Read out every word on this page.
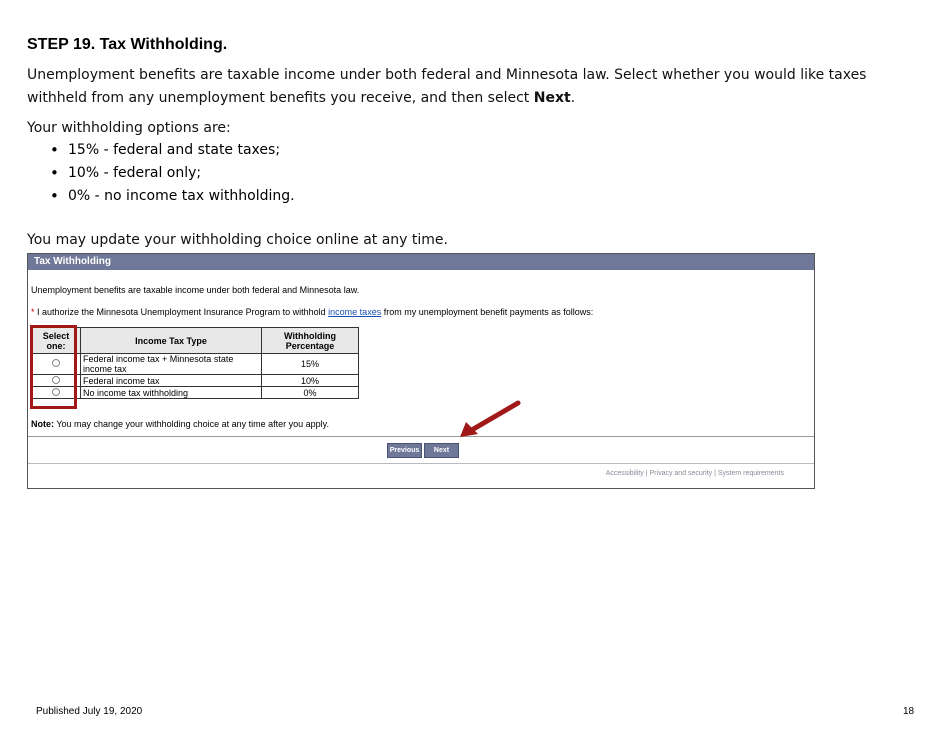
STEP 19. Tax Withholding.
Unemployment benefits are taxable income under both federal and Minnesota law. Select whether you would like taxes withheld from any unemployment benefits you receive, and then select Next.
Your withholding options are:
• 15% - federal and state taxes;
• 10% - federal only;
• 0% - no income tax withholding.
You may update your withholding choice online at any time.
Tax Withholding
Unemployment benefits are taxable income under both federal and Minnesota law.
* I authorize the Minnesota Unemployment Insurance Program to withhold income taxes from my unemployment benefit payments as follows:
Select one:	Income Tax Type	Withholding Percentage
	Federal income tax + Minnesota state income tax	15%
	Federal income tax	10%
	No income tax withholding	0%
Note: You may change your withholding choice at any time after you apply.
Previous	Next
Accessibility | Privacy and security | System requirements
Published July 19, 2020	18
